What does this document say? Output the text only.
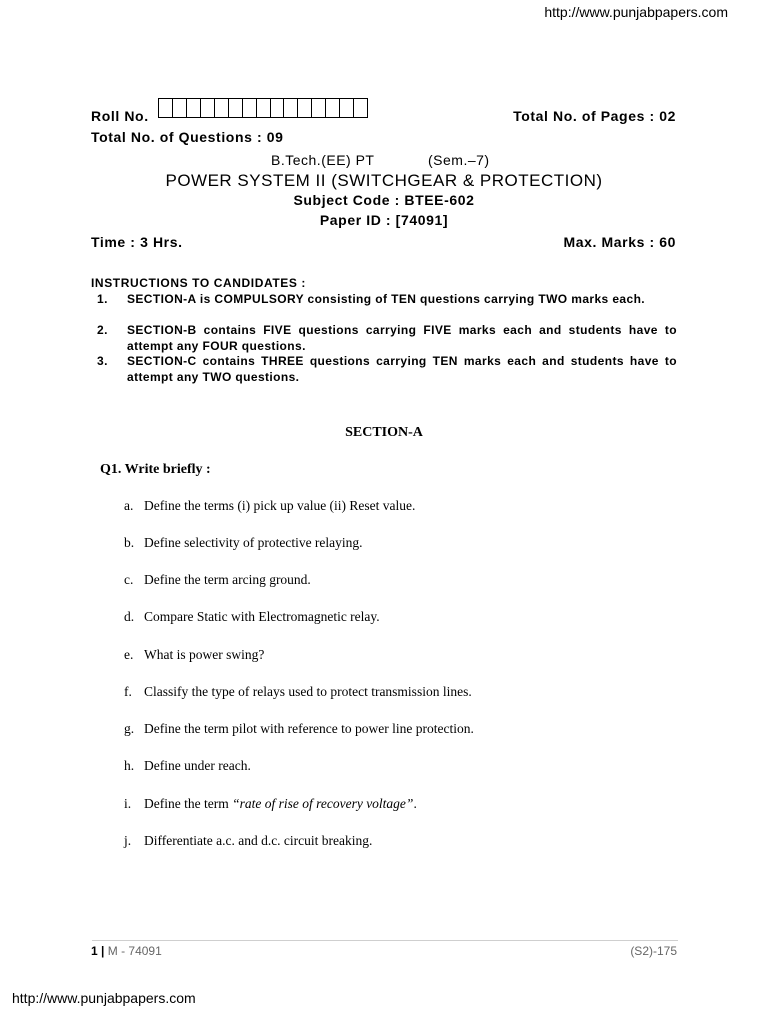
http://www.punjabpapers.com
Roll No.	Total No. of Pages : 02
Total No. of Questions : 09
B.Tech.(EE) PT	(Sem.–7)
POWER SYSTEM II (SWITCHGEAR & PROTECTION)
Subject Code : BTEE-602
Paper ID : [74091]
Time : 3 Hrs.	Max. Marks : 60
INSTRUCTIONS TO CANDIDATES :
1. SECTION-A is COMPULSORY consisting of TEN questions carrying TWO marks each.
2. SECTION-B contains FIVE questions carrying FIVE marks each and students have to attempt any FOUR questions.
3. SECTION-C contains THREE questions carrying TEN marks each and students have to attempt any TWO questions.
SECTION-A
Q1. Write briefly :
a. Define the terms (i) pick up value (ii) Reset value.
b. Define selectivity of protective relaying.
c. Define the term arcing ground.
d. Compare Static with Electromagnetic relay.
e. What is power swing?
f. Classify the type of relays used to protect transmission lines.
g. Define the term pilot with reference to power line protection.
h. Define under reach.
i. Define the term “rate of rise of recovery voltage”.
j. Differentiate a.c. and d.c. circuit breaking.
1 | M - 74091	(S2)-175
http://www.punjabpapers.com
